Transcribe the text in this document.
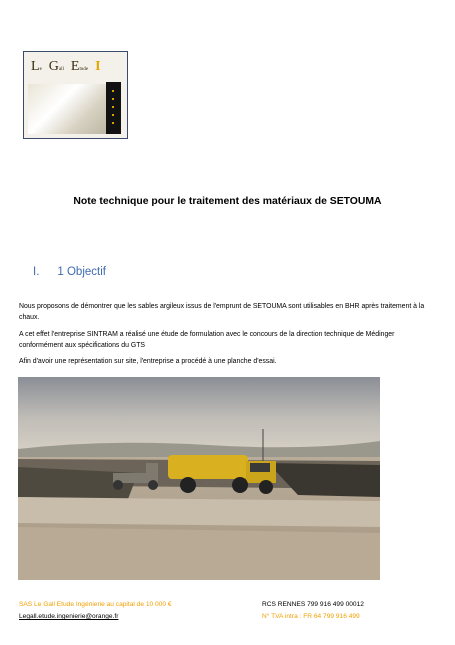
Le Gall Etude I
Note technique pour le traitement des matériaux de SETOUMA
I. 1 Objectif

Nous proposons de démontrer que les sables argileux issus de l'emprunt de SETOUMA sont utilisables en BHR après traitement à la chaux.

A cet effet l'entreprise SINTRAM a réalisé une étude de formulation avec le concours de la direction technique de Médinger conformément aux spécifications du GTS

Afin d'avoir une représentation sur site, l'entreprise a procédé à une planche d'essai.

SAS Le Gall Etude Ingénierie au capital de 10 000 €
Legall.etude.ingenierie@orange.fr
RCS RENNES 799 916 499 00012
N° TVA intra : FR 64 799 916 499
